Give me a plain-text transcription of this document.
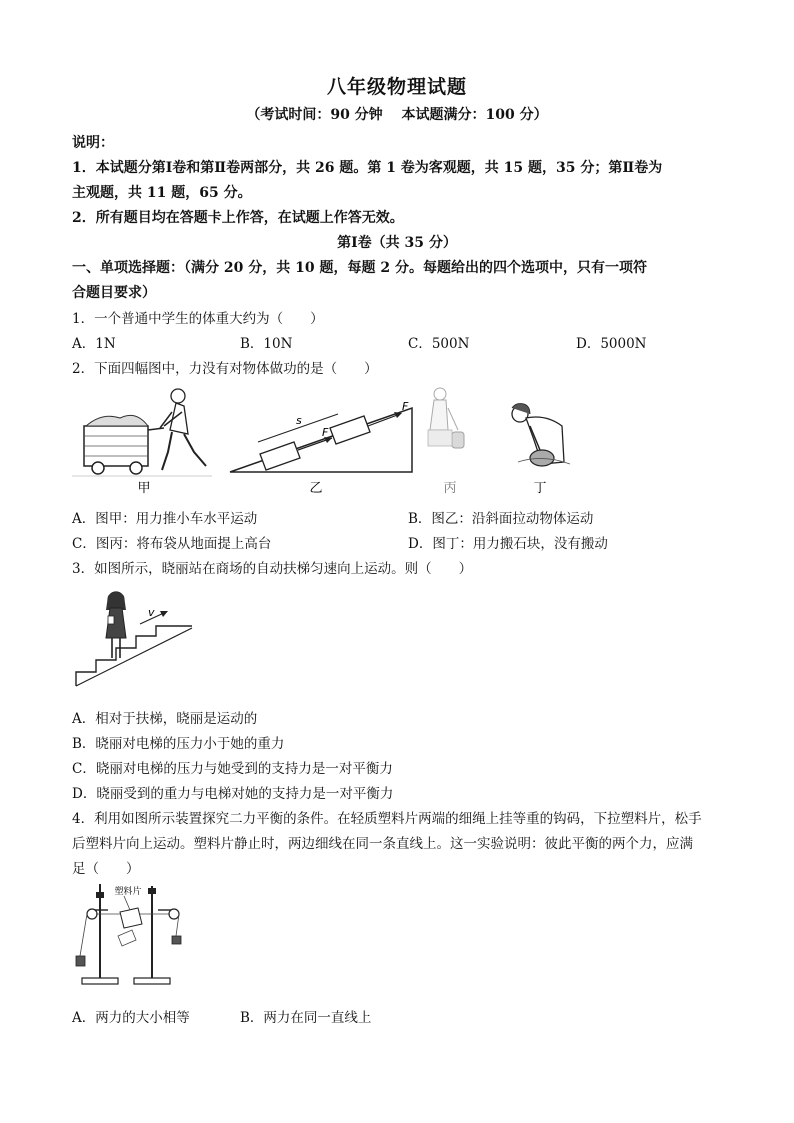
八年级物理试题
（考试时间：90 分钟　 本试题满分：100 分）
说明：
1．本试题分第Ⅰ卷和第Ⅱ卷两部分，共 26 题。第 1 卷为客观题，共 15 题，35 分；第Ⅱ卷为
主观题，共 11 题，65 分。
2．所有题目均在答题卡上作答，在试题上作答无效。
第Ⅰ卷（共 35 分）
一、单项选择题：（满分 20 分，共 10 题，每题 2 分。每题给出的四个选项中，只有一项符
合题目要求）
1．一个普通中学生的体重大约为（　　）
A．1N	B．10N	C．500N	D．5000N
2．下面四幅图中，力没有对物体做功的是（　　）
甲
s
F
F
乙	丙	丁
A．图甲：用力推小车水平运动	B．图乙：沿斜面拉动物体运动
C．图丙：将布袋从地面提上高台	D．图丁：用力搬石块，没有搬动
3．如图所示，晓丽站在商场的自动扶梯匀速向上运动。则（　　）
v
A．相对于扶梯，晓丽是运动的
B．晓丽对电梯的压力小于她的重力
C．晓丽对电梯的压力与她受到的支持力是一对平衡力
D．晓丽受到的重力与电梯对她的支持力是一对平衡力
4．利用如图所示装置探究二力平衡的条件。在轻质塑料片两端的细绳上挂等重的钩码，下拉塑料片，松手
后塑料片向上运动。塑料片静止时，两边细线在同一条直线上。这一实验说明：彼此平衡的两个力，应满
足（　　）
塑料片
A．两力的大小相等	B．两力在同一直线上
